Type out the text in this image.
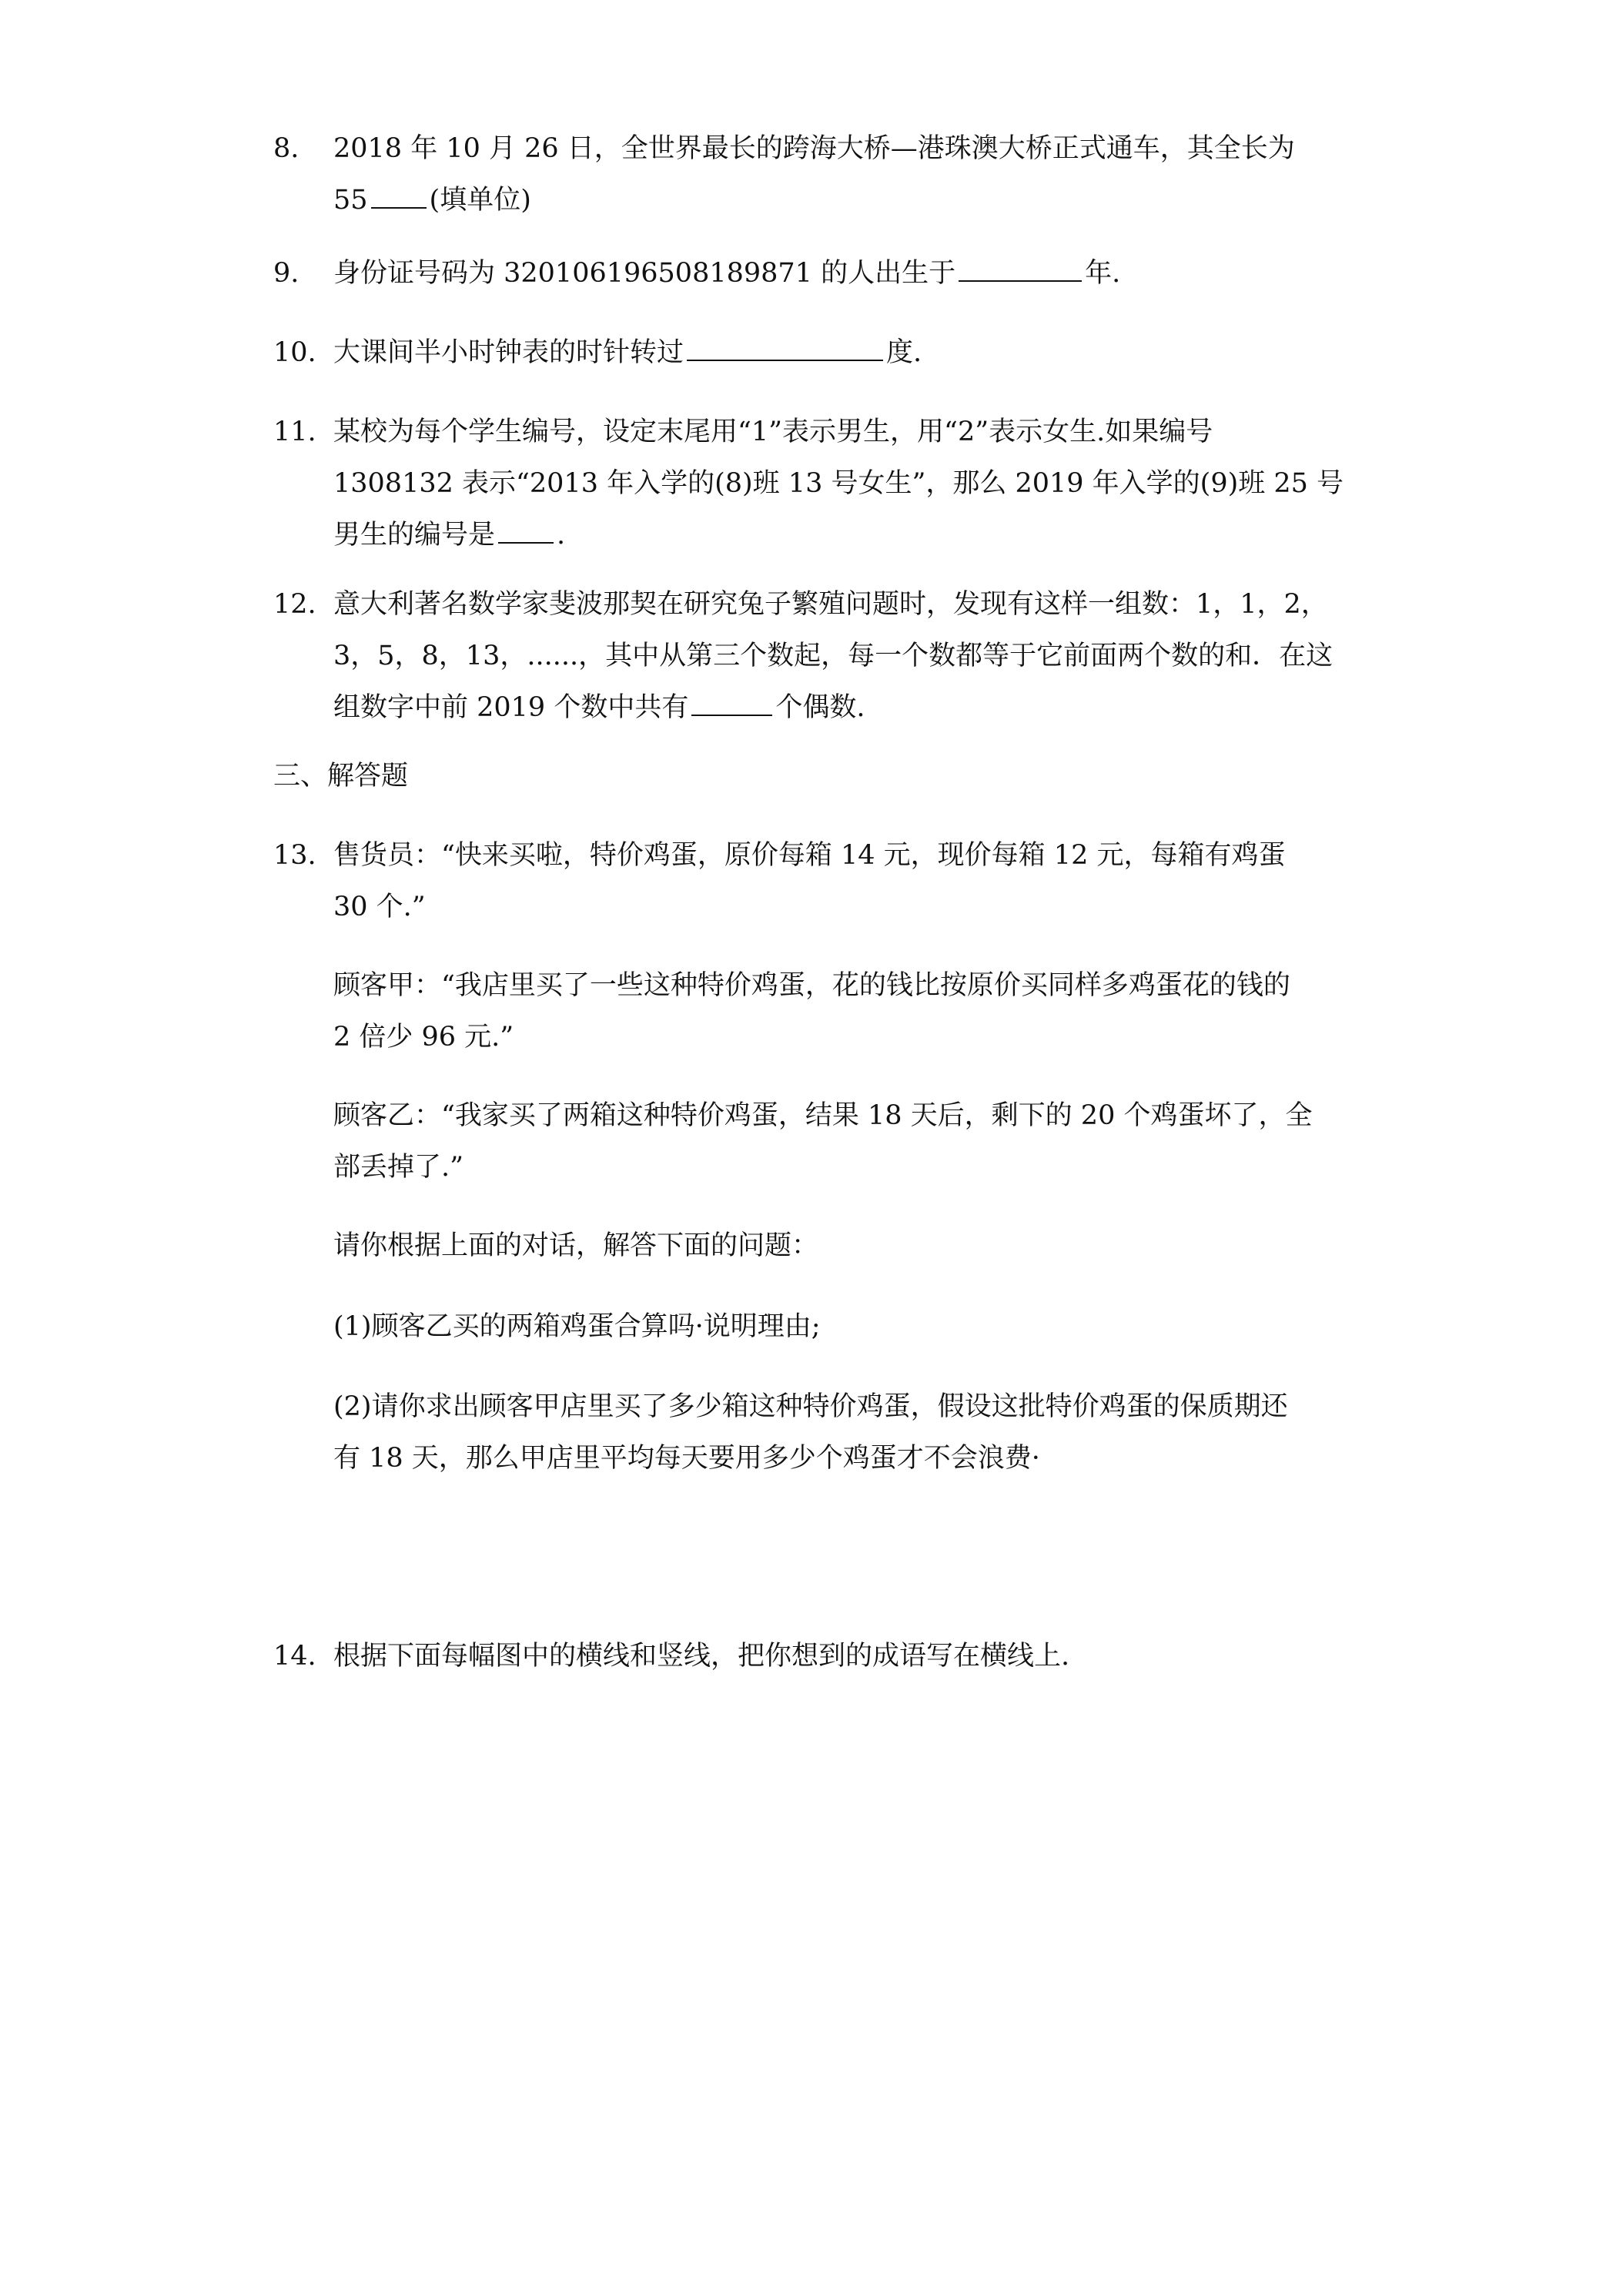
8.	2018 年 10 月 26 日，全世界最长的跨海大桥—港珠澳大桥正式通车，其全长为
55 (填单位)
9.	身份证号码为 320106196508189871 的人出生于	年.
10. 大课间半小时钟表的时针转过	度.
11. 某校为每个学生编号，设定末尾用“1”表示男生，用“2”表示女生.如果编号
1308132 表示“2013 年入学的(8)班 13 号女生”，那么 2019 年入学的(9)班 25 号
男生的编号是 .
12. 意大利著名数学家斐波那契在研究兔子繁殖问题时，发现有这样一组数：1，1，2，
3，5，8，13，......，其中从第三个数起，每一个数都等于它前面两个数的和．在这
组数字中前 2019 个数中共有	个偶数.
三、解答题
13. 售货员：“快来买啦，特价鸡蛋，原价每箱 14 元，现价每箱 12 元，每箱有鸡蛋
30 个.”
顾客甲：“我店里买了一些这种特价鸡蛋，花的钱比按原价买同样多鸡蛋花的钱的
2 倍少 96 元.”
顾客乙：“我家买了两箱这种特价鸡蛋，结果 18 天后，剩下的 20 个鸡蛋坏了，全
部丢掉了.”
请你根据上面的对话，解答下面的问题：
(1)顾客乙买的两箱鸡蛋合算吗·说明理由;
(2)请你求出顾客甲店里买了多少箱这种特价鸡蛋，假设这批特价鸡蛋的保质期还
有 18 天，那么甲店里平均每天要用多少个鸡蛋才不会浪费·
14. 根据下面每幅图中的横线和竖线，把你想到的成语写在横线上.
